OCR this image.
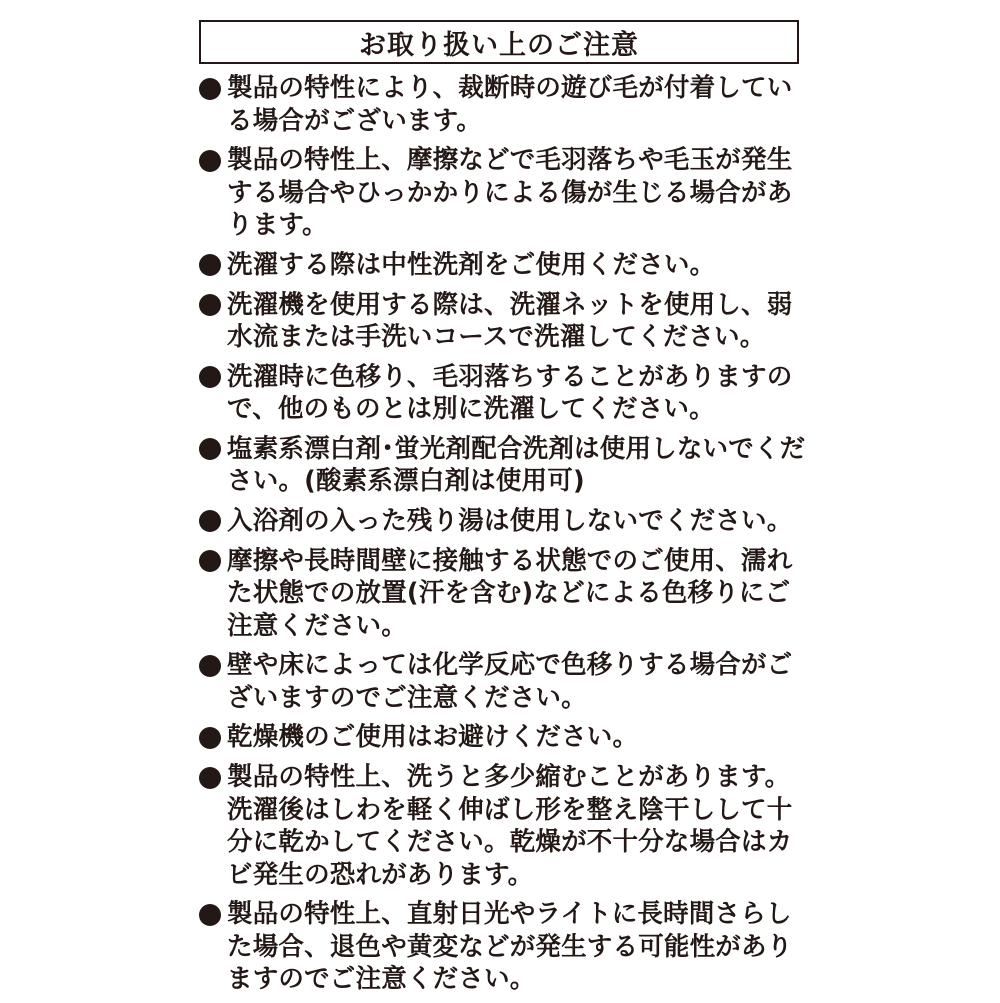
お取り扱い上のご注意
製品の特性により、裁断時の遊び毛が付着している場合がございます。
製品の特性上、摩擦などで毛羽落ちや毛玉が発生する場合やひっかかりによる傷が生じる場合があります。
洗濯する際は中性洗剤をご使用ください。
洗濯機を使用する際は、洗濯ネットを使用し、弱水流または手洗いコースで洗濯してください。
洗濯時に色移り、毛羽落ちすることがありますので、他のものとは別に洗濯してください。
塩素系漂白剤･蛍光剤配合洗剤は使用しないでください。(酸素系漂白剤は使用可)
入浴剤の入った残り湯は使用しないでください。
摩擦や長時間壁に接触する状態でのご使用、濡れた状態での放置(汗を含む)などによる色移りにご注意ください。
壁や床によっては化学反応で色移りする場合がございますのでご注意ください。
乾燥機のご使用はお避けください。
製品の特性上、洗うと多少縮むことがあります。洗濯後はしわを軽く伸ばし形を整え陰干しして十分に乾かしてください。乾燥が不十分な場合はカビ発生の恐れがあります。
製品の特性上、直射日光やライトに長時間さらした場合、退色や黄変などが発生する可能性がありますのでご注意ください。
